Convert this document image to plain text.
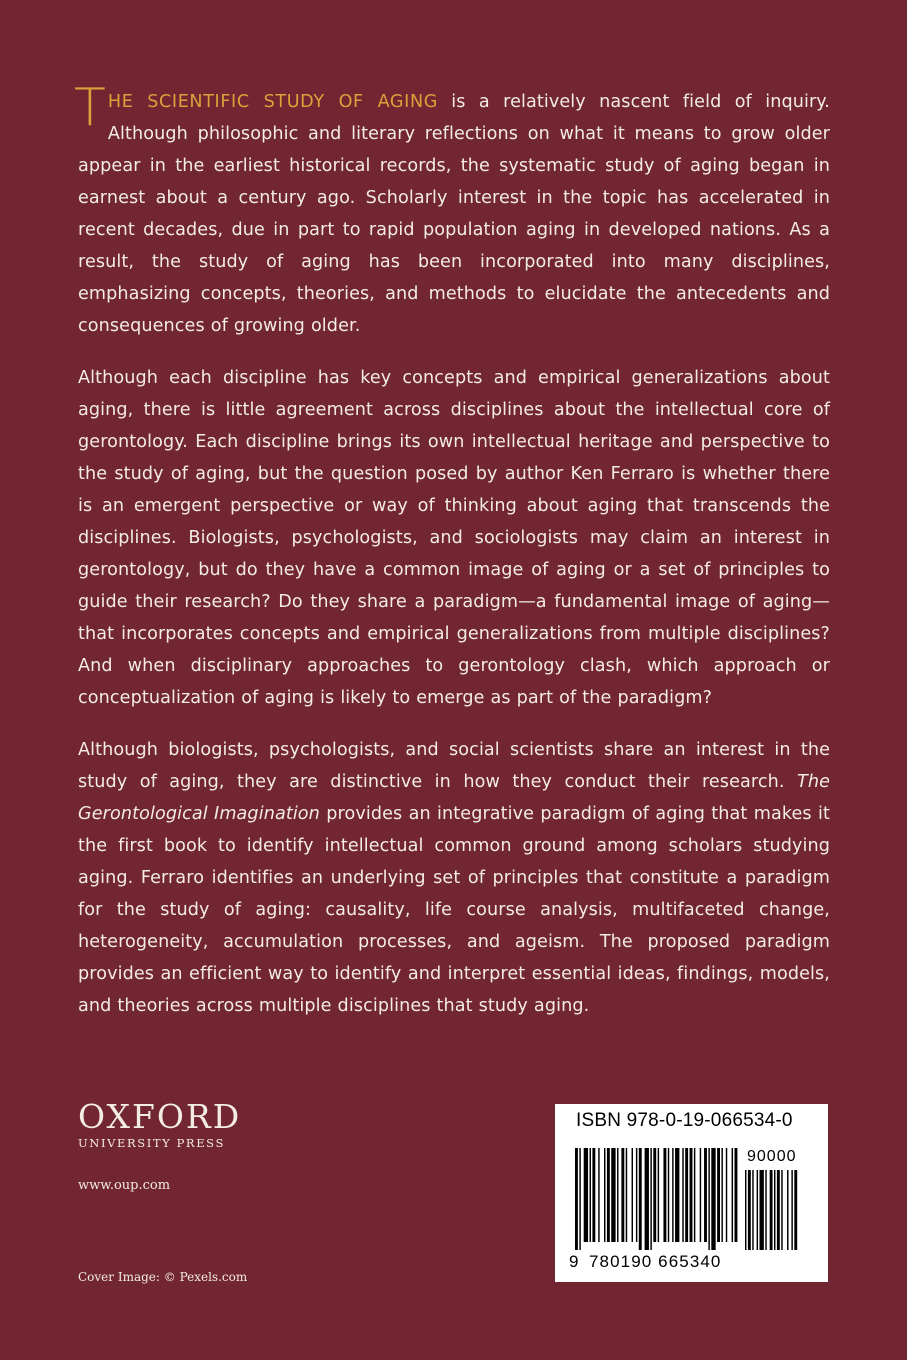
THE SCIENTIFIC STUDY OF AGING is a relatively nascent field of inquiry. Although philosophic and literary reflections on what it means to grow older appear in the earliest historical records, the systematic study of aging began in earnest about a century ago. Scholarly interest in the topic has accelerated in recent decades, due in part to rapid population aging in developed nations. As a result, the study of aging has been incorporated into many disciplines, emphasizing concepts, theories, and methods to elucidate the antecedents and consequences of growing older.

Although each discipline has key concepts and empirical generalizations about aging, there is little agreement across disciplines about the intellectual core of gerontology. Each discipline brings its own intellectual heritage and perspective to the study of aging, but the question posed by author Ken Ferraro is whether there is an emergent perspective or way of thinking about aging that transcends the disciplines. Biologists, psychologists, and sociologists may claim an interest in gerontology, but do they have a common image of aging or a set of principles to guide their research? Do they share a paradigm—a fundamental image of aging—that incorporates concepts and empirical generalizations from multiple disciplines? And when disciplinary approaches to gerontology clash, which approach or conceptualization of aging is likely to emerge as part of the paradigm?

Although biologists, psychologists, and social scientists share an interest in the study of aging, they are distinctive in how they conduct their research. The Gerontological Imagination provides an integrative paradigm of aging that makes it the first book to identify intellectual common ground among scholars studying aging. Ferraro identifies an underlying set of principles that constitute a paradigm for the study of aging: causality, life course analysis, multifaceted change, heterogeneity, accumulation processes, and ageism. The proposed paradigm provides an efficient way to identify and interpret essential ideas, findings, models, and theories across multiple disciplines that study aging.

OXFORD
UNIVERSITY PRESS
www.oup.com
Cover Image: © Pexels.com
ISBN 978-0-19-066534-0
90000
9 780190 665340
